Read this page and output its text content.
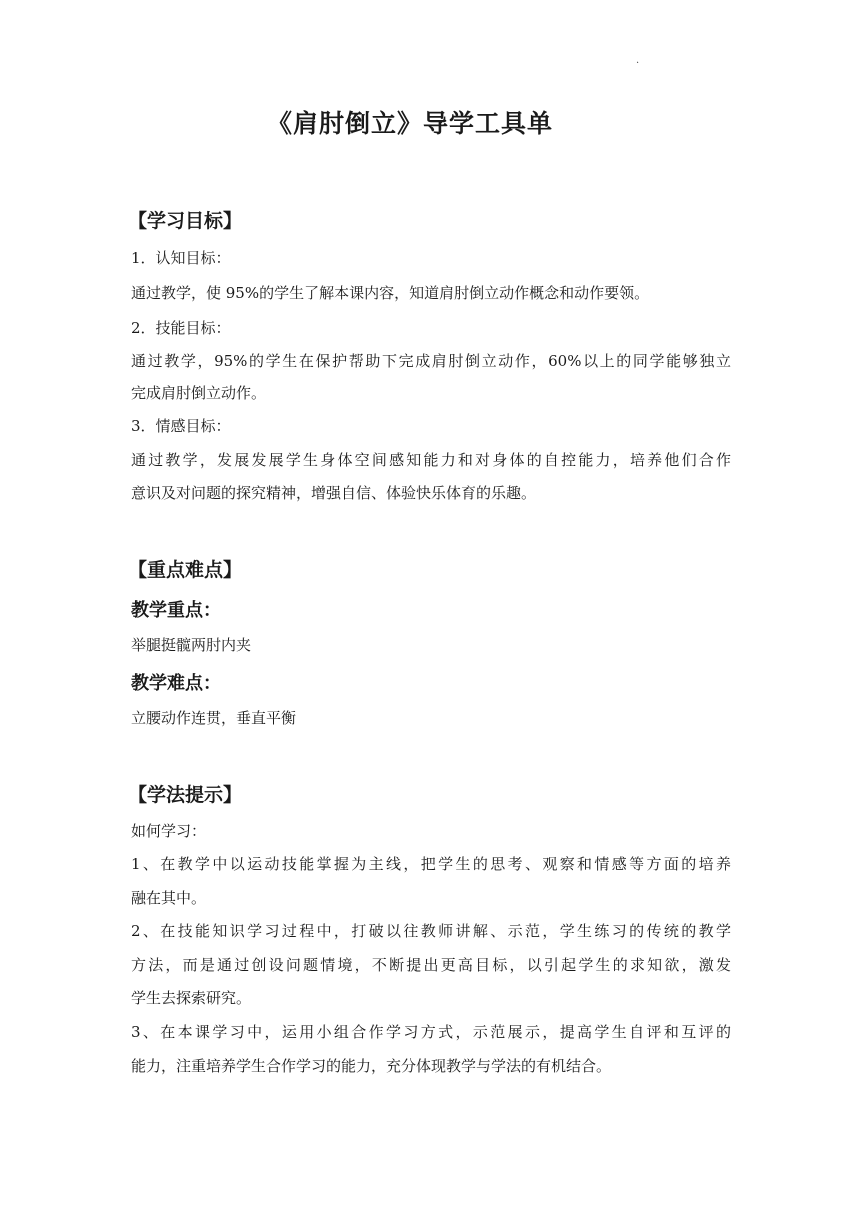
·
《肩肘倒立》导学工具单
【学习目标】

1．认知目标：

通过教学，使 95%的学生了解本课内容，知道肩肘倒立动作概念和动作要领。

2．技能目标：

通过教学，95%的学生在保护帮助下完成肩肘倒立动作，60%以上的同学能够独立

完成肩肘倒立动作。

3．情感目标：

通过教学，发展发展学生身体空间感知能力和对身体的自控能力，培养他们合作

意识及对问题的探究精神，增强自信、体验快乐体育的乐趣。

【重点难点】

教学重点：

举腿挺髋两肘内夹

教学难点：

立腰动作连贯，垂直平衡

【学法提示】

如何学习：

1、在教学中以运动技能掌握为主线，把学生的思考、观察和情感等方面的培养

融在其中。

2、在技能知识学习过程中，打破以往教师讲解、示范，学生练习的传统的教学

方法，而是通过创设问题情境，不断提出更高目标，以引起学生的求知欲，激发

学生去探索研究。

3、在本课学习中，运用小组合作学习方式，示范展示，提高学生自评和互评的

能力，注重培养学生合作学习的能力，充分体现教学与学法的有机结合。
